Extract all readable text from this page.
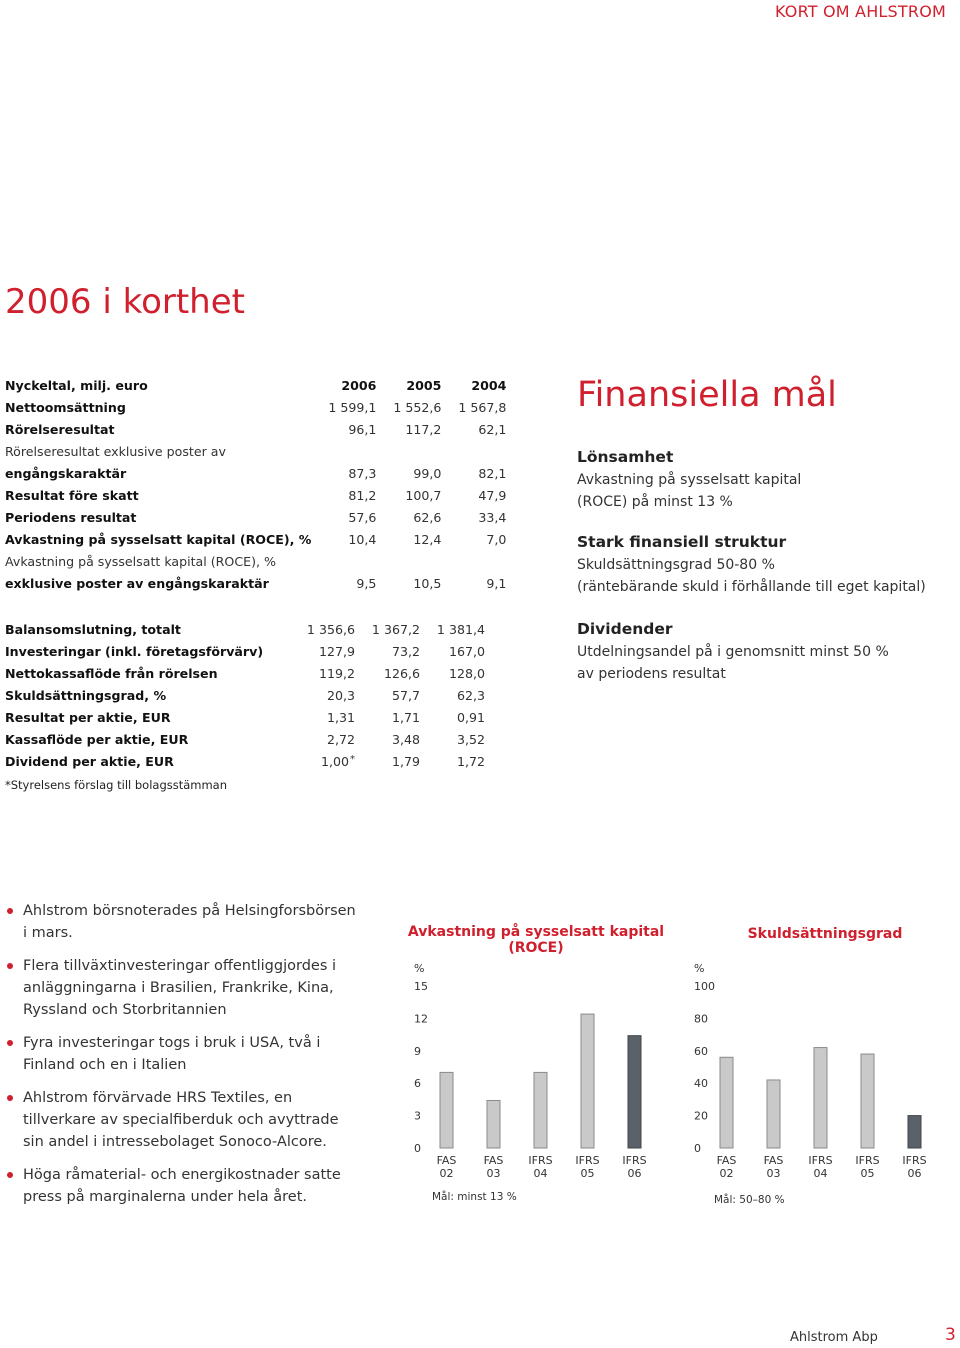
KORT OM AHLSTROM
2006 i korthet
Nyckeltal, milj. euro	2006	2005	2004
Nettoomsättning	1 599,1	1 552,6	1 567,8
Rörelseresultat	96,1	117,2	62,1
Rörelseresultat exklusive poster av			
engångskaraktär	87,3	99,0	82,1
Resultat före skatt	81,2	100,7	47,9
Periodens resultat	57,6	62,6	33,4
Avkastning på sysselsatt kapital (ROCE), %	10,4	12,4	7,0
Avkastning på sysselsatt kapital (ROCE), %			
exklusive poster av engångskaraktär	9,5	10,5	9,1
Balansomslutning, totalt	1 356,6	1 367,2	1 381,4
Investeringar (inkl. företagsförvärv)	127,9	73,2	167,0
Nettokassaflöde från rörelsen	119,2	126,6	128,0
Skuldsättningsgrad, %	20,3	57,7	62,3
Resultat per aktie, EUR	1,31	1,71	0,91
Kassaflöde per aktie, EUR	2,72	3,48	3,52
Dividend per aktie, EUR	1,00*	1,79	1,72
*Styrelsens förslag till bolagsstämman
Finansiella mål
Lönsamhet
Avkastning på sysselsatt kapital
(ROCE) på minst 13 %
Stark finansiell struktur
Skuldsättningsgrad 50-80 %
(räntebärande skuld i förhållande till eget kapital)
Dividender
Utdelningsandel på i genomsnitt minst 50 %
av periodens resultat
Ahlstrom börsnoterades på Helsingforsbörsen i mars.
Flera tillväxtinvesteringar offentliggjordes i anläggningarna i Brasilien, Frankrike, Kina, Ryssland och Storbritannien
Fyra investeringar togs i bruk i USA, två i Finland och en i Italien
Ahlstrom förvärvade HRS Textiles, en tillverkare av specialfiberduk och avyttrade sin andel i intressebolaget Sonoco-Alcore.
Höga råmaterial- och energikostnader satte press på marginalerna under hela året.
Avkastning på sysselsatt kapital (ROCE)
%
0
3
6
9
12
15
FAS
02
FAS
03
IFRS
04
IFRS
05
IFRS
06
Mål: minst 13 %
Skuldsättningsgrad
%
0
20
40
60
80
100
FAS
02
FAS
03
IFRS
04
IFRS
05
IFRS
06
Mål: 50–80 %
Ahlstrom Abp	3
